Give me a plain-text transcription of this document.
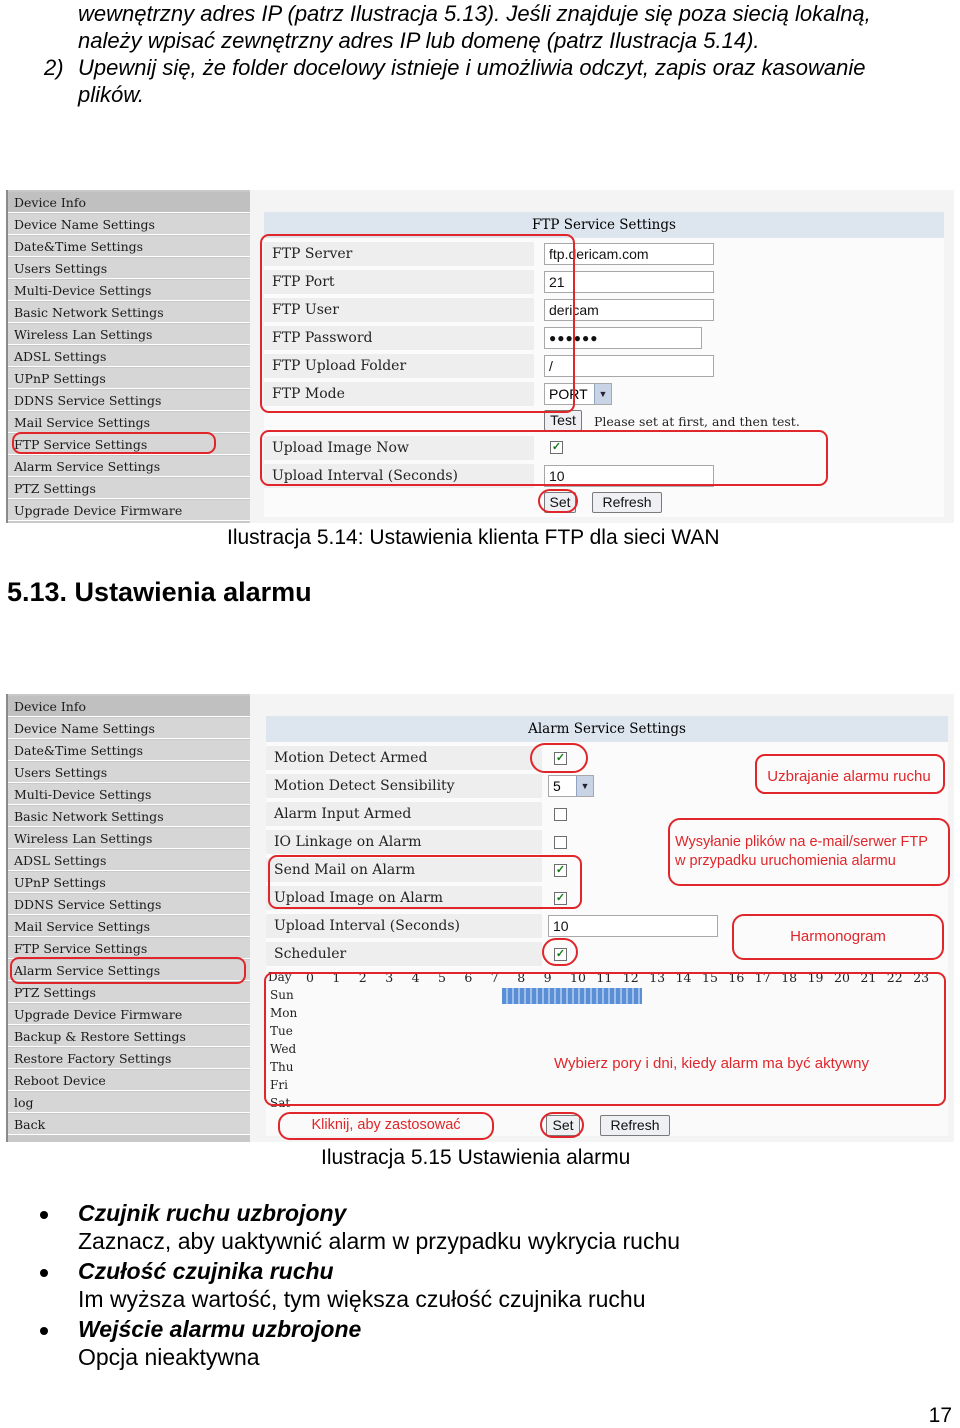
wewnętrzny adres IP (patrz Ilustracja 5.13). Jeśli znajduje się poza siecią lokalną,
należy wpisać zewnętrzny adres IP lub domenę (patrz Ilustracja 5.14).
2) Upewnij się, że folder docelowy istnieje i umożliwia odczyt, zapis oraz kasowanie
plików.
Device Info
Device Name Settings
Date&Time Settings
Users Settings
Multi-Device Settings
Basic Network Settings
Wireless Lan Settings
ADSL Settings
UPnP Settings
DDNS Service Settings
Mail Service Settings
FTP Service Settings
Alarm Service Settings
PTZ Settings
Upgrade Device Firmware
FTP Service Settings
FTP Server	ftp.dericam.com
FTP Port	21
FTP User	dericam
FTP Password	●●●●●●
FTP Upload Folder	/
FTP Mode	PORT	▼
Test	Please set at first, and then test.
Upload Image Now	✓
Upload Interval (Seconds)	10
Set	Refresh
Ilustracja 5.14: Ustawienia klienta FTP dla sieci WAN
5.13. Ustawienia alarmu
Device Info
Device Name Settings
Date&Time Settings
Users Settings
Multi-Device Settings
Basic Network Settings
Wireless Lan Settings
ADSL Settings
UPnP Settings
DDNS Service Settings
Mail Service Settings
FTP Service Settings
Alarm Service Settings
PTZ Settings
Upgrade Device Firmware
Backup & Restore Settings
Restore Factory Settings
Reboot Device
log
Back
Alarm Service Settings
Motion Detect Armed	✓
Motion Detect Sensibility	5	▼
Alarm Input Armed
IO Linkage on Alarm
Send Mail on Alarm	✓
Upload Image on Alarm	✓
Upload Interval (Seconds)	10
Scheduler	✓
Day 0 1 2 3 4 5 6 7 8 9 10 11 12 13 14 15 16 17 18 19 20 21 22 23
Sun
Mon
Tue
Wed
Thu
Fri
Sat
Set	Refresh
Uzbrajanie alarmu ruchu
Wysyłanie plików na e-mail/serwer FTP
w przypadku uruchomienia alarmu
Harmonogram
Wybierz pory i dni, kiedy alarm ma być aktywny
Kliknij, aby zastosować
Ilustracja 5.15 Ustawienia alarmu
Czujnik ruchu uzbrojony
Zaznacz, aby uaktywnić alarm w przypadku wykrycia ruchu
Czułość czujnika ruchu
Im wyższa wartość, tym większa czułość czujnika ruchu
Wejście alarmu uzbrojone
Opcja nieaktywna
17
